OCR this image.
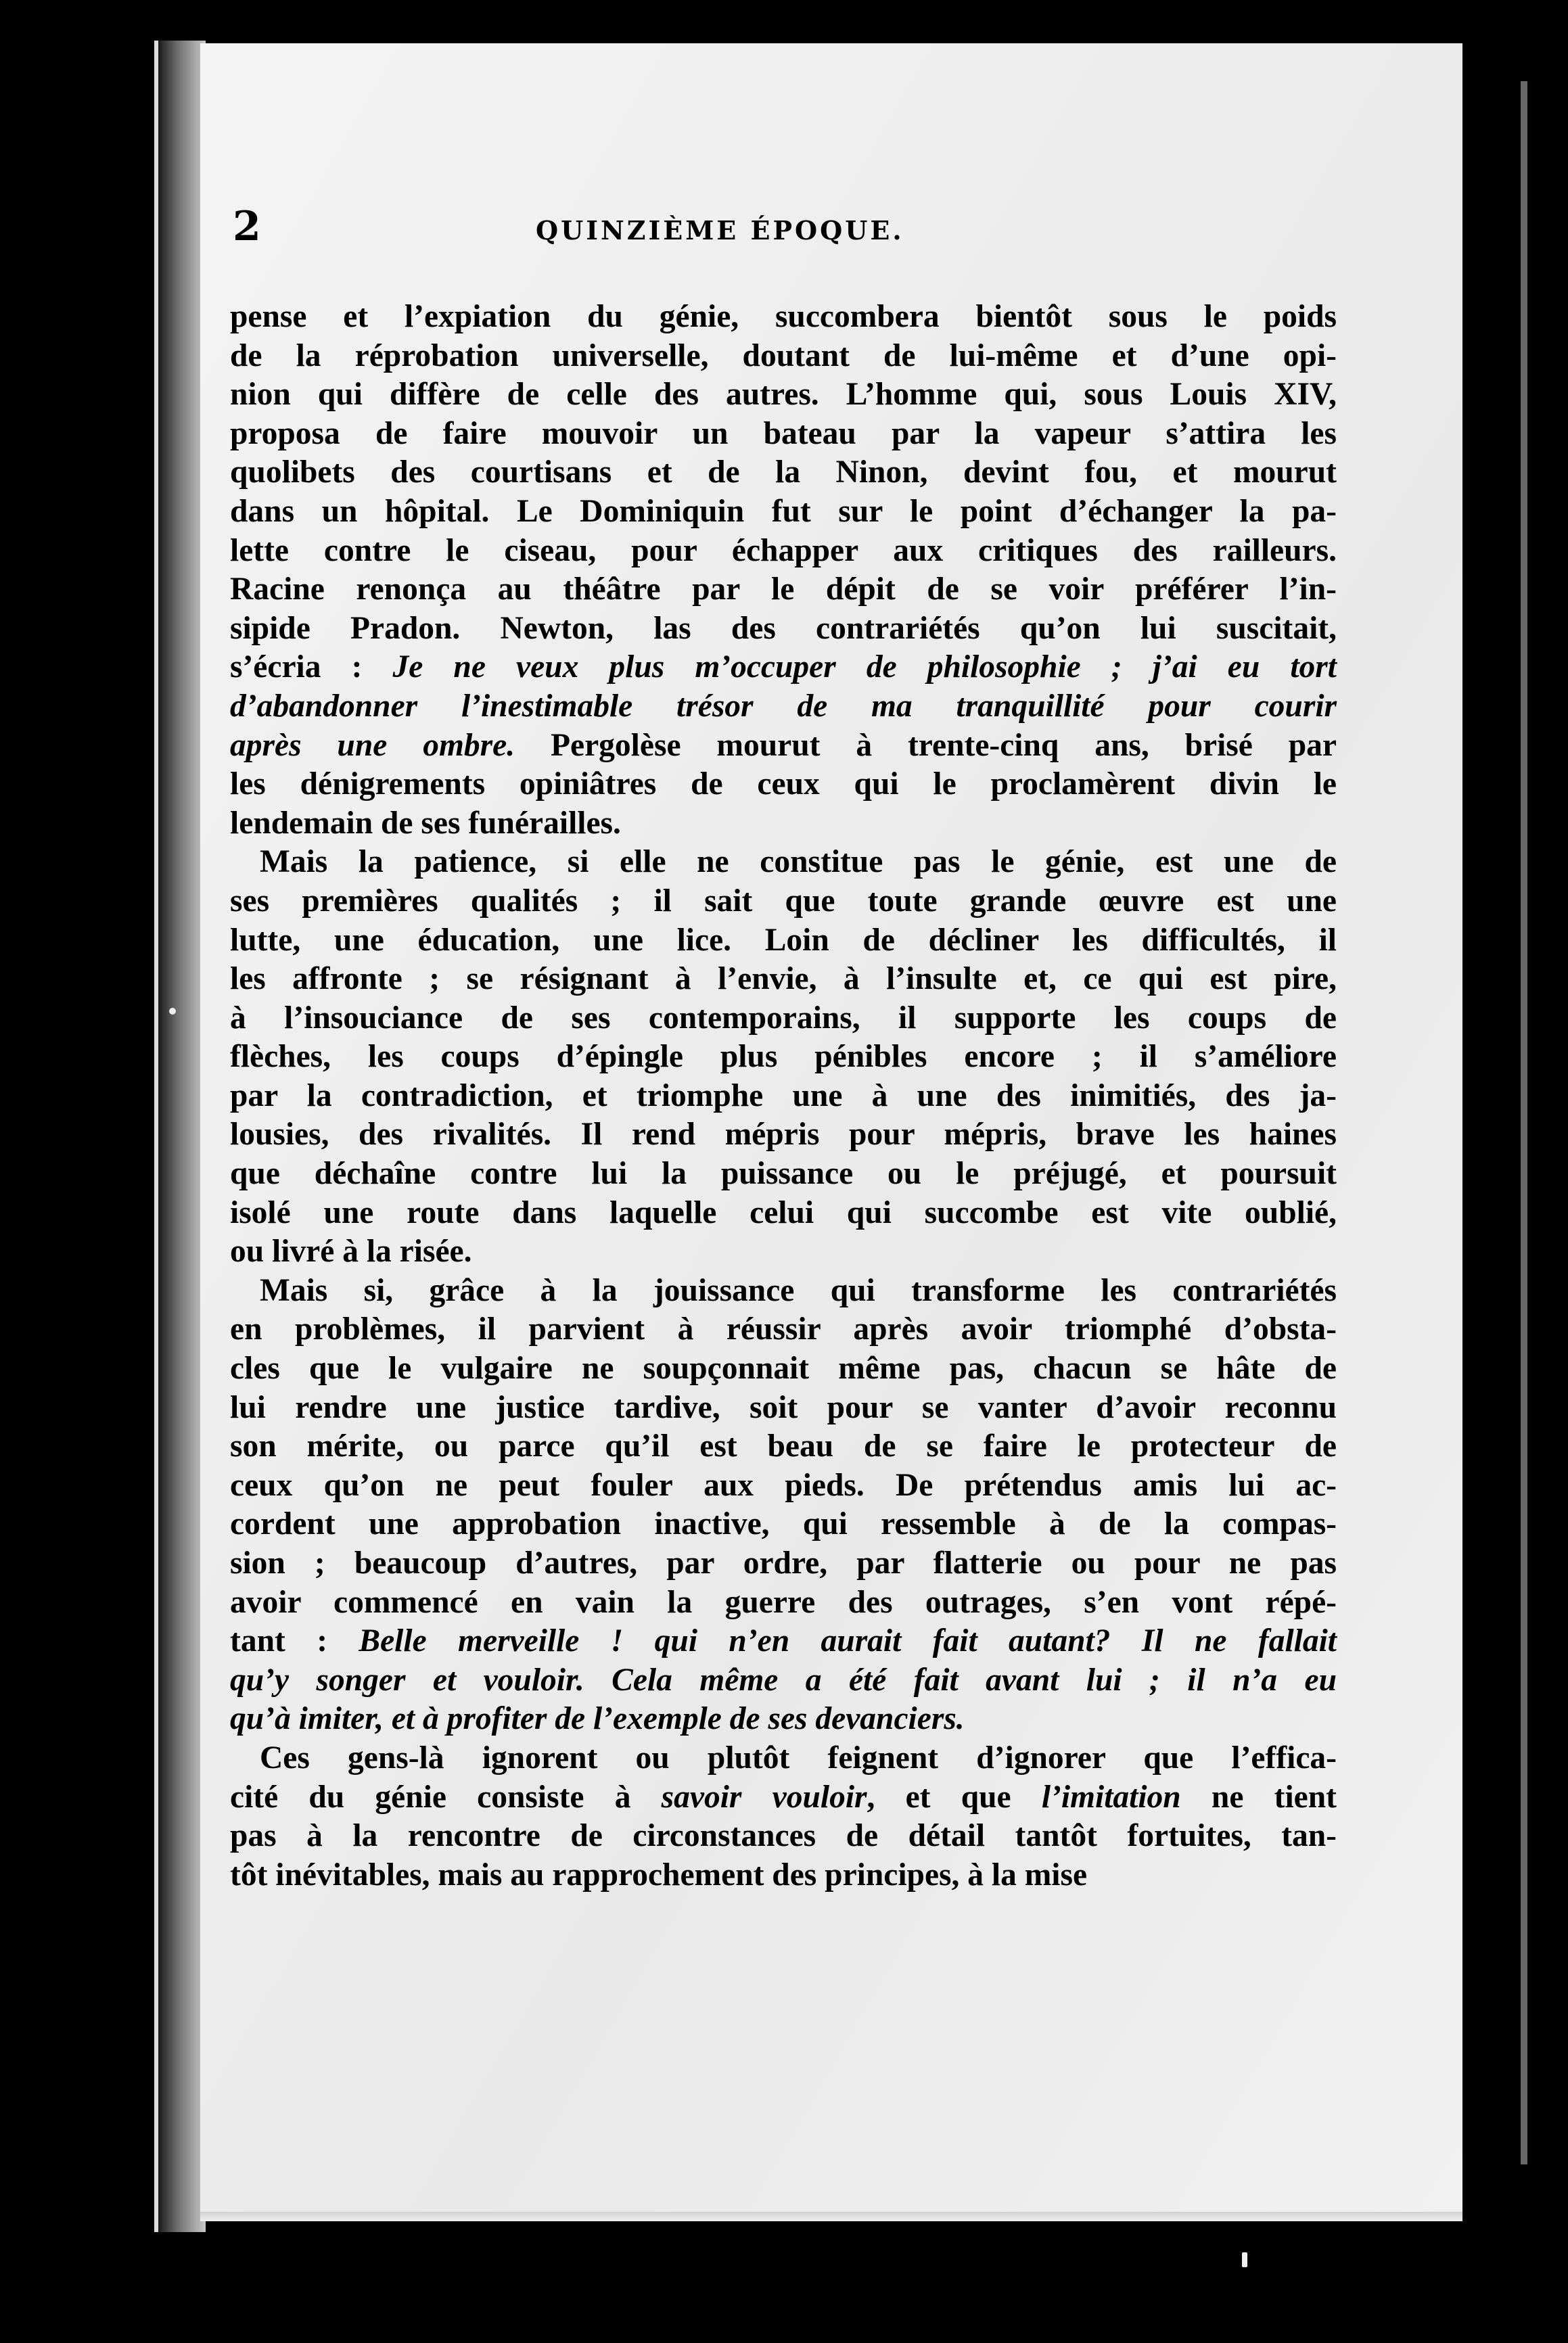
2	QUINZIÈME ÉPOQUE.
pense et l’expiation du génie, succombera bientôt sous le poids
de la réprobation universelle, doutant de lui-même et d’une opi-
nion qui diffère de celle des autres. L’homme qui, sous Louis XIV,
proposa de faire mouvoir un bateau par la vapeur s’attira les
quolibets des courtisans et de la Ninon, devint fou, et mourut
dans un hôpital. Le Dominiquin fut sur le point d’échanger la pa-
lette contre le ciseau, pour échapper aux critiques des railleurs.
Racine renonça au théâtre par le dépit de se voir préférer l’in-
sipide Pradon. Newton, las des contrariétés qu’on lui suscitait,
s’écria : Je ne veux plus m’occuper de philosophie ; j’ai eu tort
d’abandonner l’inestimable trésor de ma tranquillité pour courir
après une ombre. Pergolèse mourut à trente-cinq ans, brisé par
les dénigrements opiniâtres de ceux qui le proclamèrent divin le
lendemain de ses funérailles.
Mais la patience, si elle ne constitue pas le génie, est une de
ses premières qualités ; il sait que toute grande œuvre est une
lutte, une éducation, une lice. Loin de décliner les difficultés, il
les affronte ; se résignant à l’envie, à l’insulte et, ce qui est pire,
à l’insouciance de ses contemporains, il supporte les coups de
flèches, les coups d’épingle plus pénibles encore ; il s’améliore
par la contradiction, et triomphe une à une des inimitiés, des ja-
lousies, des rivalités. Il rend mépris pour mépris, brave les haines
que déchaîne contre lui la puissance ou le préjugé, et poursuit
isolé une route dans laquelle celui qui succombe est vite oublié,
ou livré à la risée.
Mais si, grâce à la jouissance qui transforme les contrariétés
en problèmes, il parvient à réussir après avoir triomphé d’obsta-
cles que le vulgaire ne soupçonnait même pas, chacun se hâte de
lui rendre une justice tardive, soit pour se vanter d’avoir reconnu
son mérite, ou parce qu’il est beau de se faire le protecteur de
ceux qu’on ne peut fouler aux pieds. De prétendus amis lui ac-
cordent une approbation inactive, qui ressemble à de la compas-
sion ; beaucoup d’autres, par ordre, par flatterie ou pour ne pas
avoir commencé en vain la guerre des outrages, s’en vont répé-
tant : Belle merveille ! qui n’en aurait fait autant? Il ne fallait
qu’y songer et vouloir. Cela même a été fait avant lui ; il n’a eu
qu’à imiter, et à profiter de l’exemple de ses devanciers.
Ces gens-là ignorent ou plutôt feignent d’ignorer que l’effica-
cité du génie consiste à savoir vouloir, et que l’imitation ne tient
pas à la rencontre de circonstances de détail tantôt fortuites, tan-
tôt inévitables, mais au rapprochement des principes, à la mise
